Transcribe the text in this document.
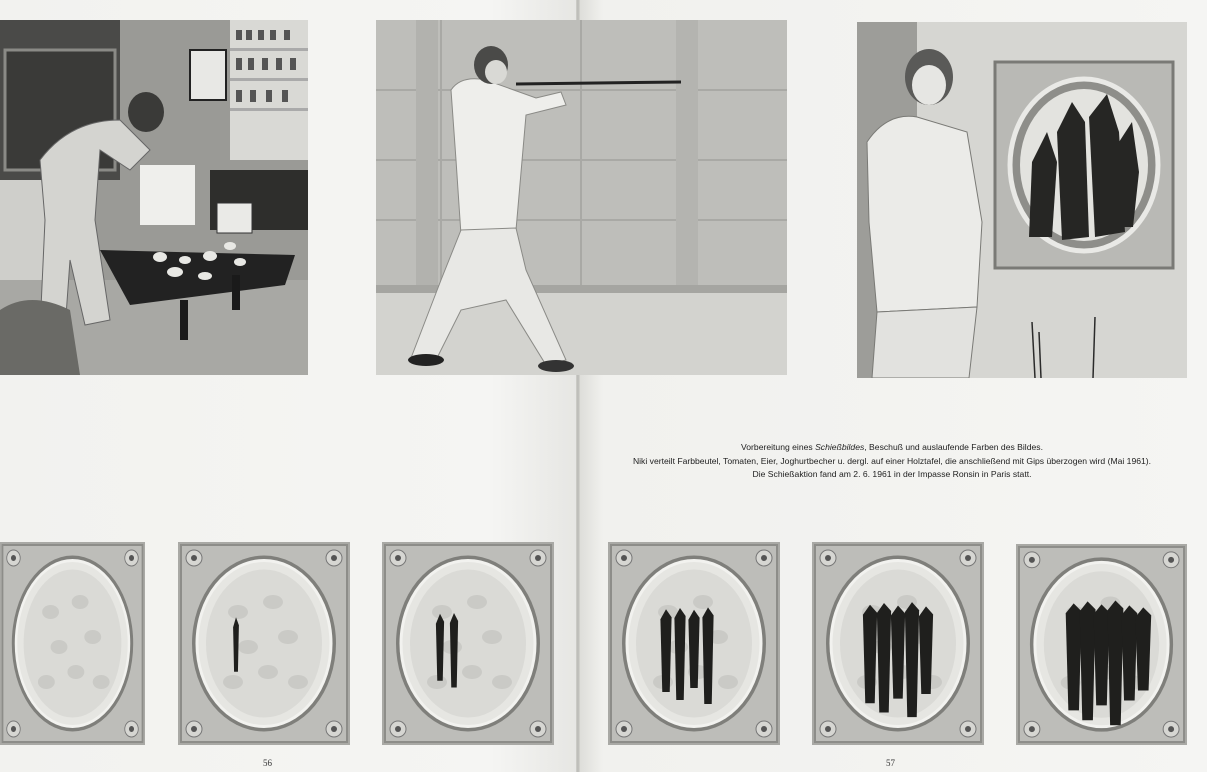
Vorbereitung eines Schießbildes, Beschuß und auslaufende Farben des Bildes.
Niki verteilt Farbbeutel, Tomaten, Eier, Joghurtbecher u. dergl. auf einer Holztafel, die anschließend mit Gips überzogen wird (Mai 1961).
Die Schießaktion fand am 2. 6. 1961 in der Impasse Ronsin in Paris statt.
56	57
